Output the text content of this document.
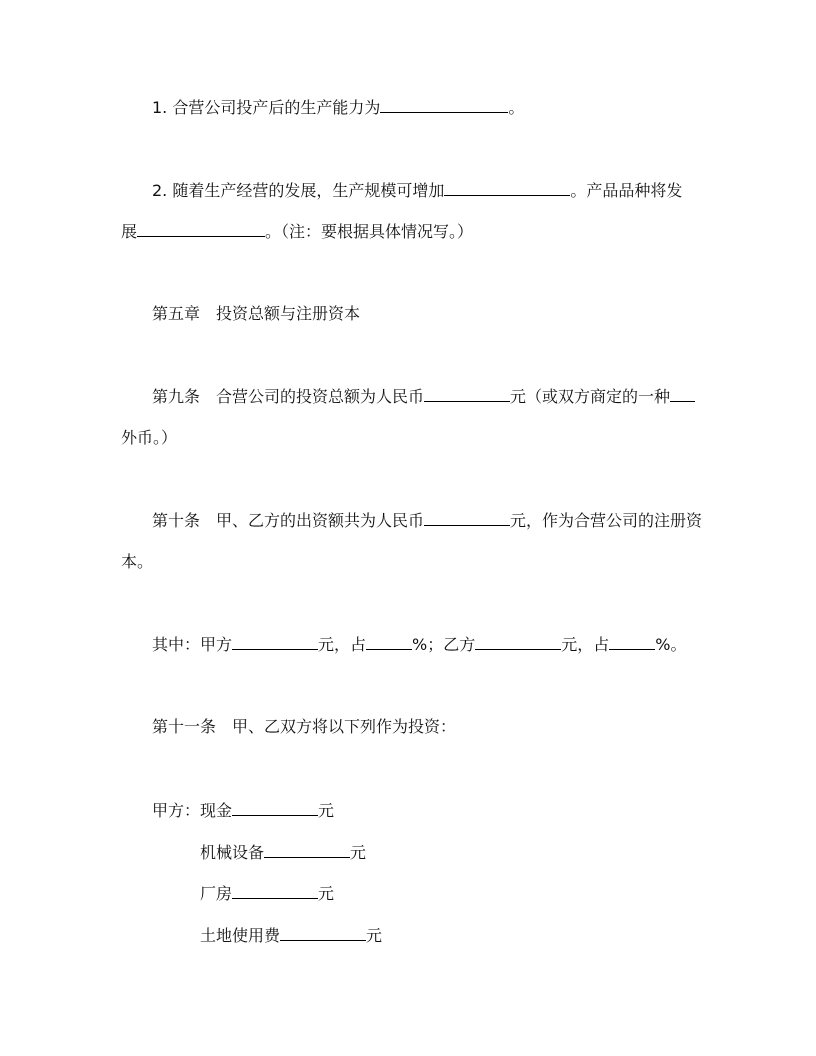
1. 合营公司投产后的生产能力为	。
2. 随着生产经营的发展，生产规模可增加	。产品品种将发
展	。（注：要根据具体情况写。）
第五章　投资总额与注册资本
第九条　合营公司的投资总额为人民币	元（或双方商定的一种
外币。）
第十条　甲、乙方的出资额共为人民币	元，作为合营公司的注册资
本。
其中：甲方	元，占	%；乙方	元，占	%。
第十一条　甲、乙双方将以下列作为投资：
甲方：现金	元
机械设备	元
厂房	元
土地使用费	元
